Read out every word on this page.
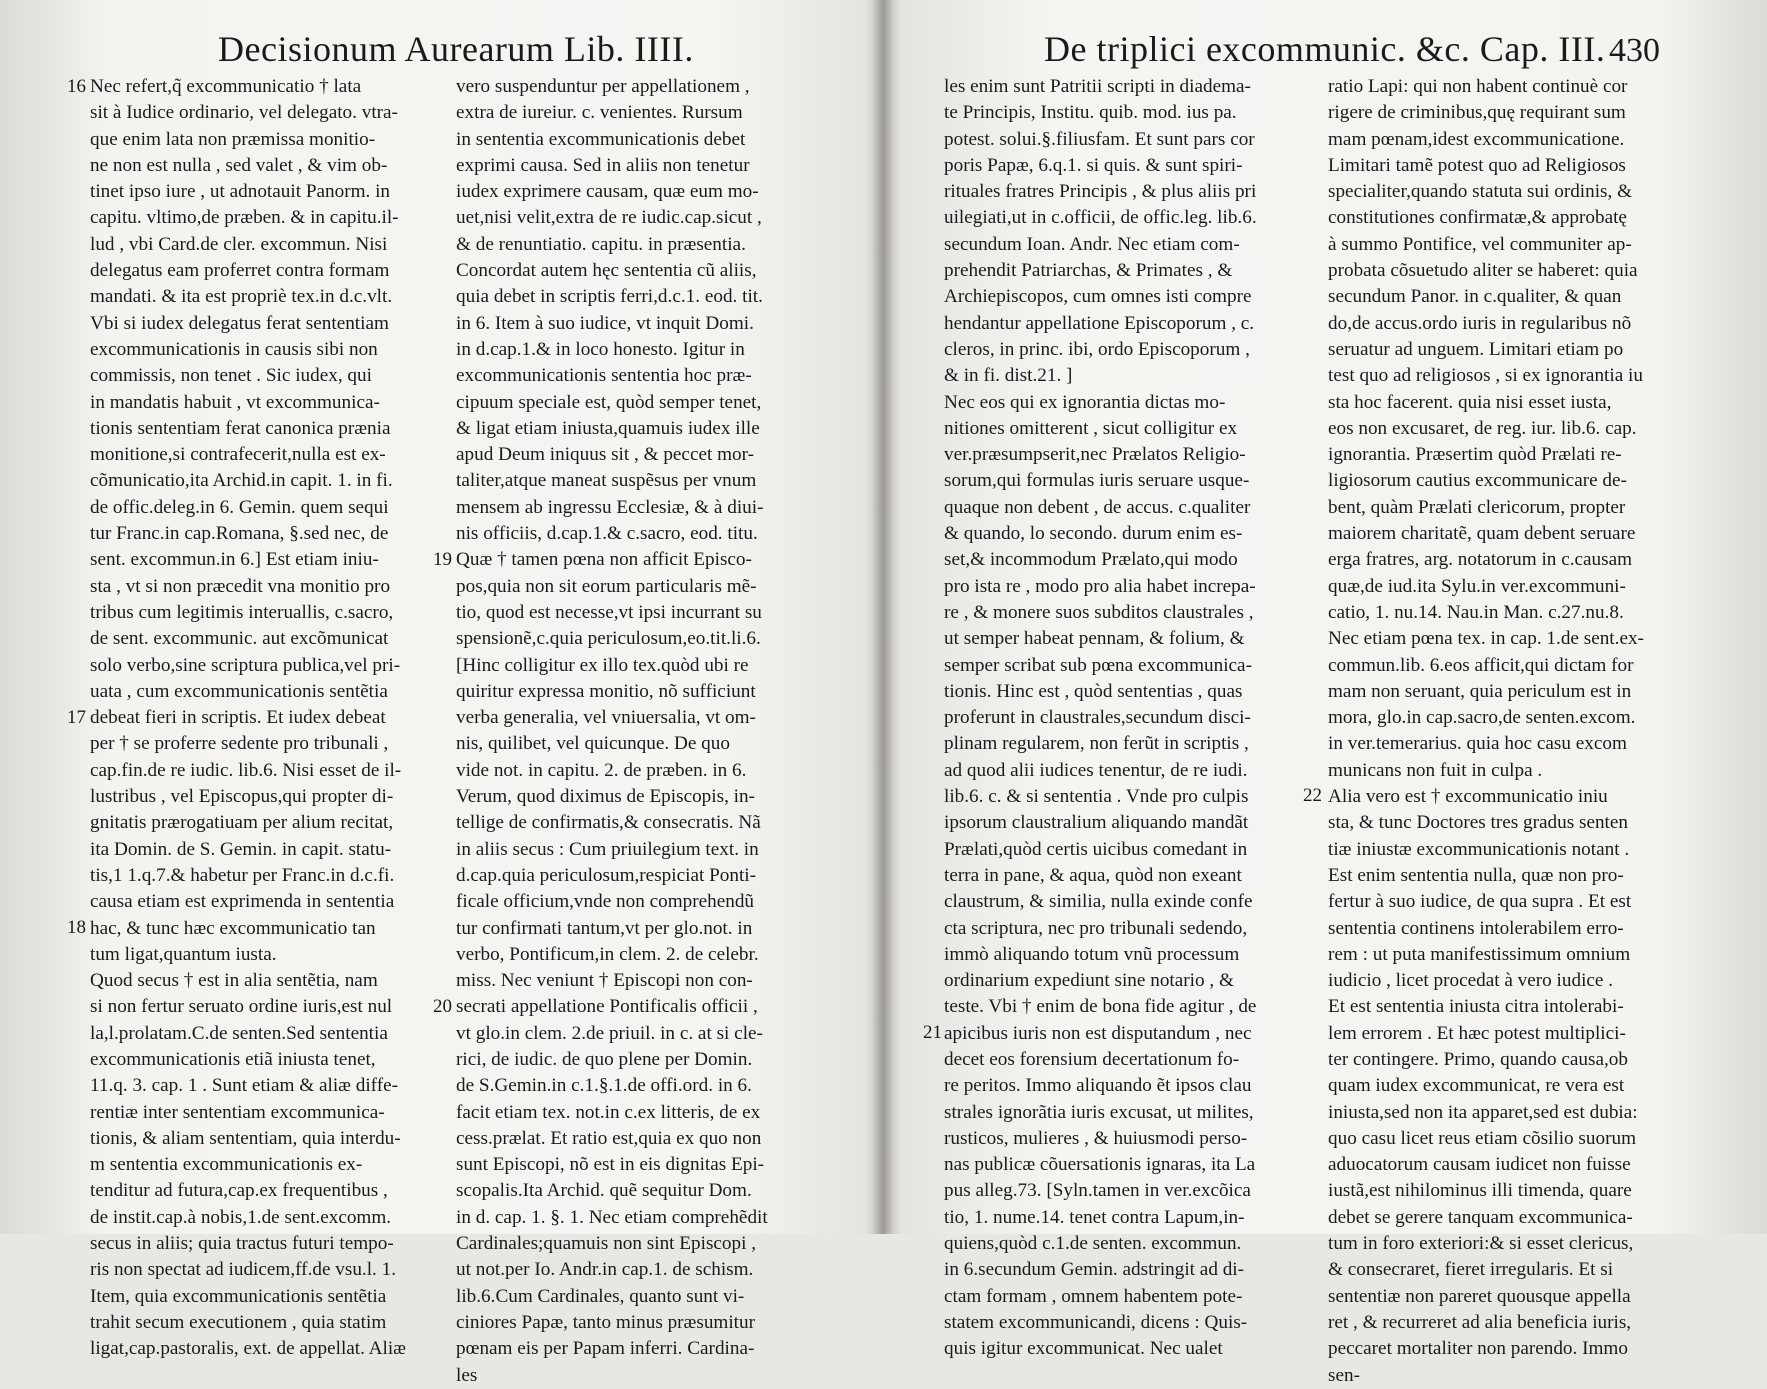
Decisionum Aurearum Lib. IIII.
Nec refert,q̃ excommunicatio † lata
sit à Iudice ordinario, vel delegato. vtra-
que enim lata non præmissa monitio-
ne non est nulla , sed valet , & vim ob-
tinet ipso iure , ut adnotauit Panorm. in
capitu. vltimo,de præben. & in capitu.il-
lud , vbi Card.de cler. excommun. Nisi
delegatus eam proferret contra formam
mandati. & ita est propriè tex.in d.c.vlt.
Vbi si iudex delegatus ferat sententiam
excommunicationis in causis sibi non
commissis, non tenet . Sic iudex, qui
in mandatis habuit , vt excommunica-
tionis sententiam ferat canonica prænia
monitione,si contrafecerit,nulla est ex-
cõmunicatio,ita Archid.in capit. 1. in fi.
de offic.deleg.in 6. Gemin. quem sequi
tur Franc.in cap.Romana, §.sed nec, de
sent. excommun.in 6.] Est etiam iniu-
sta , vt si non præcedit vna monitio pro
tribus cum legitimis interuallis, c.sacro,
de sent. excommunic. aut excõmunicat
solo verbo,sine scriptura publica,vel pri-
uata , cum excommunicationis sentẽtia
debeat fieri in scriptis. Et iudex debeat
per † se proferre sedente pro tribunali ,
cap.fin.de re iudic. lib.6. Nisi esset de il-
lustribus , vel Episcopus,qui propter di-
gnitatis prærogatiuam per alium recitat,
ita Domin. de S. Gemin. in capit. statu-
tis,1 1.q.7.& habetur per Franc.in d.c.fi.
causa etiam est exprimenda in sententia
hac, & tunc hæc excommunicatio tan
tum ligat,quantum iusta.
Quod secus † est in alia sentẽtia, nam
si non fertur seruato ordine iuris,est nul
la,l.prolatam.C.de senten.Sed sententia
excommunicationis etiã iniusta tenet,
11.q. 3. cap. 1 . Sunt etiam & aliæ diffe-
rentiæ inter sententiam excommunica-
tionis, & aliam sententiam, quia interdu-
m sententia excommunicationis ex-
tenditur ad futura,cap.ex frequentibus ,
de instit.cap.à nobis,1.de sent.excomm.
secus in aliis; quia tractus futuri tempo-
ris non spectat ad iudicem,ff.de vsu.l. 1.
Item, quia excommunicationis sentẽtia
trahit secum executionem , quia statim
ligat,cap.pastoralis, ext. de appellat. Aliæ
vero suspenduntur per appellationem ,
extra de iureiur. c. venientes. Rursum
in sententia excommunicationis debet
exprimi causa. Sed in aliis non tenetur
iudex exprimere causam, quæ eum mo-
uet,nisi velit,extra de re iudic.cap.sicut ,
& de renuntiatio. capitu. in præsentia.
Concordat autem hęc sententia cũ aliis,
quia debet in scriptis ferri,d.c.1. eod. tit.
in 6. Item à suo iudice, vt inquit Domi.
in d.cap.1.& in loco honesto. Igitur in
excommunicationis sententia hoc præ-
cipuum speciale est, quòd semper tenet,
& ligat etiam iniusta,quamuis iudex ille
apud Deum iniquus sit , & peccet mor-
taliter,atque maneat suspẽsus per vnum
mensem ab ingressu Ecclesiæ, & à diui-
nis officiis, d.cap.1.& c.sacro, eod. titu.
Quæ † tamen pœna non afficit Episco-
pos,quia non sit eorum particularis mẽ-
tio, quod est necesse,vt ipsi incurrant su
spensionẽ,c.quia periculosum,eo.tit.li.6.
[Hinc colligitur ex illo tex.quòd ubi re
quiritur expressa monitio, nõ sufficiunt
verba generalia, vel vniuersalia, vt om-
nis, quilibet, vel quicunque. De quo
vide not. in capitu. 2. de præben. in 6.
Verum, quod diximus de Episcopis, in-
tellige de confirmatis,& consecratis. Nã
in aliis secus : Cum priuilegium text. in
d.cap.quia periculosum,respiciat Ponti-
ficale officium,vnde non comprehendũ
tur confirmati tantum,vt per glo.not. in
verbo, Pontificum,in clem. 2. de celebr.
miss. Nec veniunt † Episcopi non con-
secrati appellatione Pontificalis officii ,
vt glo.in clem. 2.de priuil. in c. at si cle-
rici, de iudic. de quo plene per Domin.
de S.Gemin.in c.1.§.1.de offi.ord. in 6.
facit etiam tex. not.in c.ex litteris, de ex
cess.prælat. Et ratio est,quia ex quo non
sunt Episcopi, nõ est in eis dignitas Epi-
scopalis.Ita Archid. quẽ sequitur Dom.
in d. cap. 1. §. 1. Nec etiam comprehẽdit
Cardinales;quamuis non sint Episcopi ,
ut not.per Io. Andr.in cap.1. de schism.
lib.6.Cum Cardinales, quanto sunt vi-
ciniores Papæ, tanto minus præsumitur
pœnam eis per Papam inferri. Cardina-
les
16
17
18
19
20
De triplici excommunic. &c. Cap. III. 430
les enim sunt Patritii scripti in diadema-
te Principis, Institu. quib. mod. ius pa.
potest. solui.§.filiusfam. Et sunt pars cor
poris Papæ, 6.q.1. si quis. & sunt spiri-
rituales fratres Principis , & plus aliis pri
uilegiati,ut in c.officii, de offic.leg. lib.6.
secundum Ioan. Andr. Nec etiam com-
prehendit Patriarchas, & Primates , &
Archiepiscopos, cum omnes isti compre
hendantur appellatione Episcoporum , c.
cleros, in princ. ibi, ordo Episcoporum ,
& in fi. dist.21. ]
Nec eos qui ex ignorantia dictas mo-
nitiones omitterent , sicut colligitur ex
ver.præsumpserit,nec Prælatos Religio-
sorum,qui formulas iuris seruare usque-
quaque non debent , de accus. c.qualiter
& quando, lo secondo. durum enim es-
set,& incommodum Prælato,qui modo
pro ista re , modo pro alia habet increpa-
re , & monere suos subditos claustrales ,
ut semper habeat pennam, & folium, &
semper scribat sub pœna excommunica-
tionis. Hinc est , quòd sententias , quas
proferunt in claustrales,secundum disci-
plinam regularem, non ferũt in scriptis ,
ad quod alii iudices tenentur, de re iudi.
lib.6. c. & si sententia . Vnde pro culpis
ipsorum claustralium aliquando mandãt
Prælati,quòd certis uicibus comedant in
terra in pane, & aqua, quòd non exeant
claustrum, & similia, nulla exinde confe
cta scriptura, nec pro tribunali sedendo,
immò aliquando totum vnũ processum
ordinarium expediunt sine notario , &
teste. Vbi † enim de bona fide agitur , de
apicibus iuris non est disputandum , nec
decet eos forensium decertationum fo-
re peritos. Immo aliquando ẽt ipsos clau
strales ignorãtia iuris excusat, ut milites,
rusticos, mulieres , & huiusmodi perso-
nas publicæ cõuersationis ignaras, ita La
pus alleg.73. [Syln.tamen in ver.excõica
tio, 1. nume.14. tenet contra Lapum,in-
quiens,quòd c.1.de senten. excommun.
in 6.secundum Gemin. adstringit ad di-
ctam formam , omnem habentem pote-
statem excommunicandi, dicens : Quis-
quis igitur excommunicat. Nec ualet
ratio Lapi: qui non habent continuè cor
rigere de criminibus,quę requirant sum
mam pœnam,idest excommunicatione.
Limitari tamẽ potest quo ad Religiosos
specialiter,quando statuta sui ordinis, &
constitutiones confirmatæ,& approbatę
à summo Pontifice, vel communiter ap-
probata cõsuetudo aliter se haberet: quia
secundum Panor. in c.qualiter, & quan
do,de accus.ordo iuris in regularibus nõ
seruatur ad unguem. Limitari etiam po
test quo ad religiosos , si ex ignorantia iu
sta hoc facerent. quia nisi esset iusta,
eos non excusaret, de reg. iur. lib.6. cap.
ignorantia. Præsertim quòd Prælati re-
ligiosorum cautius excommunicare de-
bent, quàm Prælati clericorum, propter
maiorem charitatẽ, quam debent seruare
erga fratres, arg. notatorum in c.causam
quæ,de iud.ita Sylu.in ver.excommuni-
catio, 1. nu.14. Nau.in Man. c.27.nu.8.
Nec etiam pœna tex. in cap. 1.de sent.ex-
commun.lib. 6.eos afficit,qui dictam for
mam non seruant, quia periculum est in
mora, glo.in cap.sacro,de senten.excom.
in ver.temerarius. quia hoc casu excom
municans non fuit in culpa .
Alia vero est † excommunicatio iniu
sta, & tunc Doctores tres gradus senten
tiæ iniustæ excommunicationis notant .
Est enim sententia nulla, quæ non pro-
fertur à suo iudice, de qua supra . Et est
sententia continens intolerabilem erro-
rem : ut puta manifestissimum omnium
iudicio , licet procedat à vero iudice .
Et est sententia iniusta citra intolerabi-
lem errorem . Et hæc potest multiplici-
ter contingere. Primo, quando causa,ob
quam iudex excommunicat, re vera est
iniusta,sed non ita apparet,sed est dubia:
quo casu licet reus etiam cõsilio suorum
aduocatorum causam iudicet non fuisse
iustã,est nihilominus illi timenda, quare
debet se gerere tanquam excommunica-
tum in foro exteriori:& si esset clericus,
& consecraret, fieret irregularis. Et si
sententiæ non pareret quousque appella
ret , & recurreret ad alia beneficia iuris,
peccaret mortaliter non parendo. Immo
sen-
21
22
